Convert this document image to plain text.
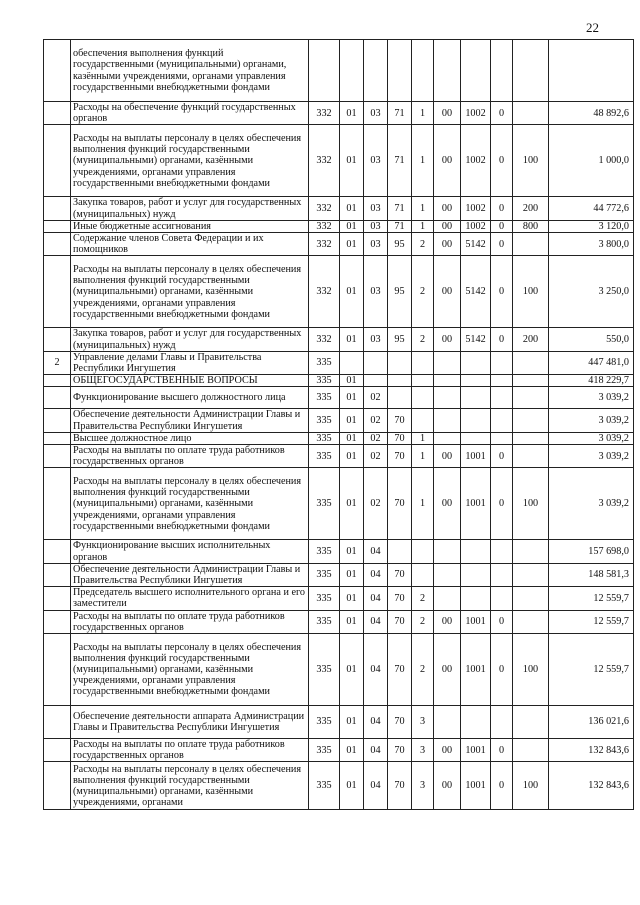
22
	обеспечения выполнения функций государственными (муниципальными) органами, казёнными учреждениями, органами управления государственными внебюджетными фондами										
	Расходы на обеспечение функций государственных органов	332	01	03	71	1	00	1002	0		48 892,6
	Расходы на выплаты персоналу в целях обеспечения выполнения функций государственными (муниципальными) органами, казёнными учреждениями, органами управления государственными внебюджетными фондами	332	01	03	71	1	00	1002	0	100	1 000,0
	Закупка товаров, работ и услуг для государственных (муниципальных) нужд	332	01	03	71	1	00	1002	0	200	44 772,6
	Иные бюджетные ассигнования	332	01	03	71	1	00	1002	0	800	3 120,0
	Содержание членов Совета Федерации и их помощников	332	01	03	95	2	00	5142	0		3 800,0
	Расходы на выплаты персоналу в целях обеспечения выполнения функций государственными (муниципальными) органами, казёнными учреждениями, органами управления государственными внебюджетными фондами	332	01	03	95	2	00	5142	0	100	3 250,0
	Закупка товаров, работ и услуг для государственных (муниципальных) нужд	332	01	03	95	2	00	5142	0	200	550,0
2	Управление делами Главы и Правительства Республики Ингушетия	335									447 481,0
	ОБЩЕГОСУДАРСТВЕННЫЕ ВОПРОСЫ	335	01								418 229,7
	Функционирование высшего должностного лица	335	01	02							3 039,2
	Обеспечение деятельности Администрации Главы и Правительства Республики Ингушетия	335	01	02	70						3 039,2
	Высшее должностное лицо	335	01	02	70	1					3 039,2
	Расходы на выплаты по оплате труда работников государственных органов	335	01	02	70	1	00	1001	0		3 039,2
	Расходы на выплаты персоналу в целях обеспечения выполнения функций государственными (муниципальными) органами, казёнными учреждениями, органами управления государственными внебюджетными фондами	335	01	02	70	1	00	1001	0	100	3 039,2
	Функционирование высших исполнительных органов	335	01	04							157 698,0
	Обеспечение деятельности Администрации Главы и Правительства Республики Ингушетия	335	01	04	70						148 581,3
	Председатель высшего исполнительного органа и его заместители	335	01	04	70	2					12 559,7
	Расходы на выплаты по оплате труда работников государственных органов	335	01	04	70	2	00	1001	0		12 559,7
	Расходы на выплаты персоналу в целях обеспечения выполнения функций государственными (муниципальными) органами, казёнными учреждениями, органами управления государственными внебюджетными фондами	335	01	04	70	2	00	1001	0	100	12 559,7
	Обеспечение деятельности аппарата Администрации Главы и Правительства Республики Ингушетия	335	01	04	70	3					136 021,6
	Расходы на выплаты по оплате труда работников государственных органов	335	01	04	70	3	00	1001	0		132 843,6
	Расходы на выплаты персоналу в целях обеспечения выполнения функций государственными (муниципальными) органами, казёнными учреждениями, органами	335	01	04	70	3	00	1001	0	100	132 843,6
